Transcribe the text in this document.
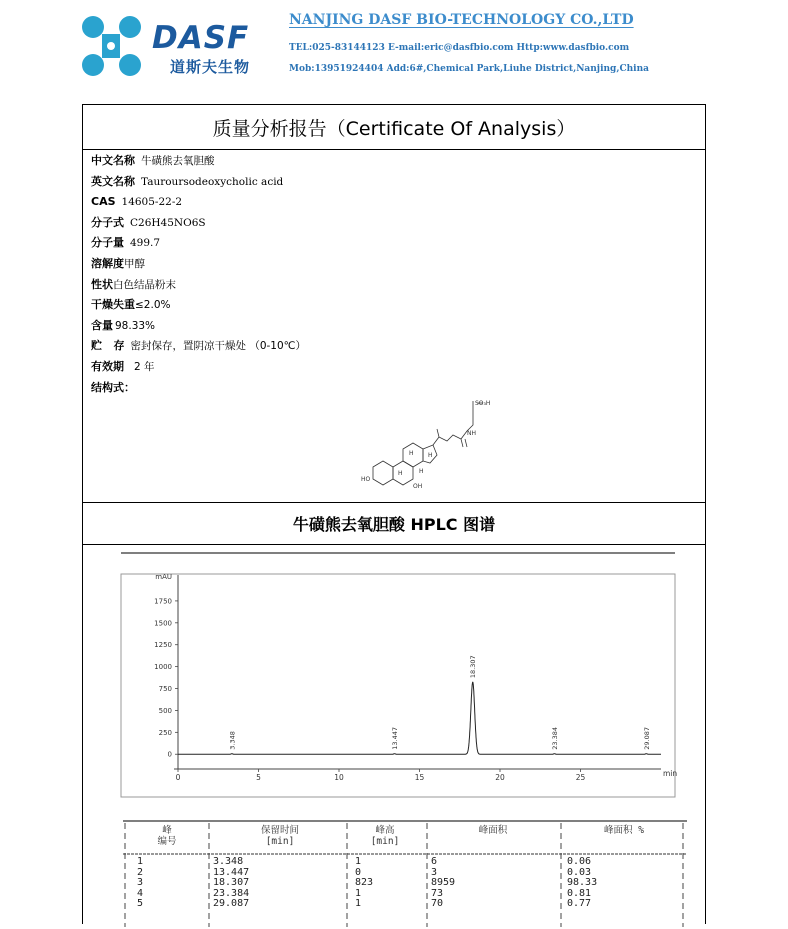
DASF
道斯夫生物
NANJING DASF BIO-TECHNOLOGY CO.,LTD
TEL:025-83144123 E-mail:eric@dasfbio.com Http:www.dasfbio.com
Mob:13951924404 Add:6#,Chemical Park,Liuhe District,Nanjing,China
质量分析报告（Certificate Of Analysis）
中文名称 牛磺熊去氧胆酸
英文名称 Tauroursodeoxycholic acid
CAS 14605-22-2
分子式 C26H45NO6S
分子量 499.7
溶解度甲醇
性状白色结晶粉末
干燥失重≤2.0%
含量 98.33%
贮   存 密封保存，置阴凉干燥处 （0-10℃）
有效期 2 年
结构式：
HO
OH
NH
SO₃H
H
H
H
H
牛磺熊去氧胆酸 HPLC 图谱
mAU
0
250
500
750
1000
1250
1500
1750
0	5	10	15	20	25	min
3.348	13.447
18.307
23.384	29.087
峰
编号
保留时间
[min]
峰高
[min]
峰面积	峰面积 %
1	3.348	1	6	0.06
2	13.447	0	3	0.03
3	18.307	823	8959	98.33
4	23.384	1	73	0.81
5	29.087	1	70	0.77
